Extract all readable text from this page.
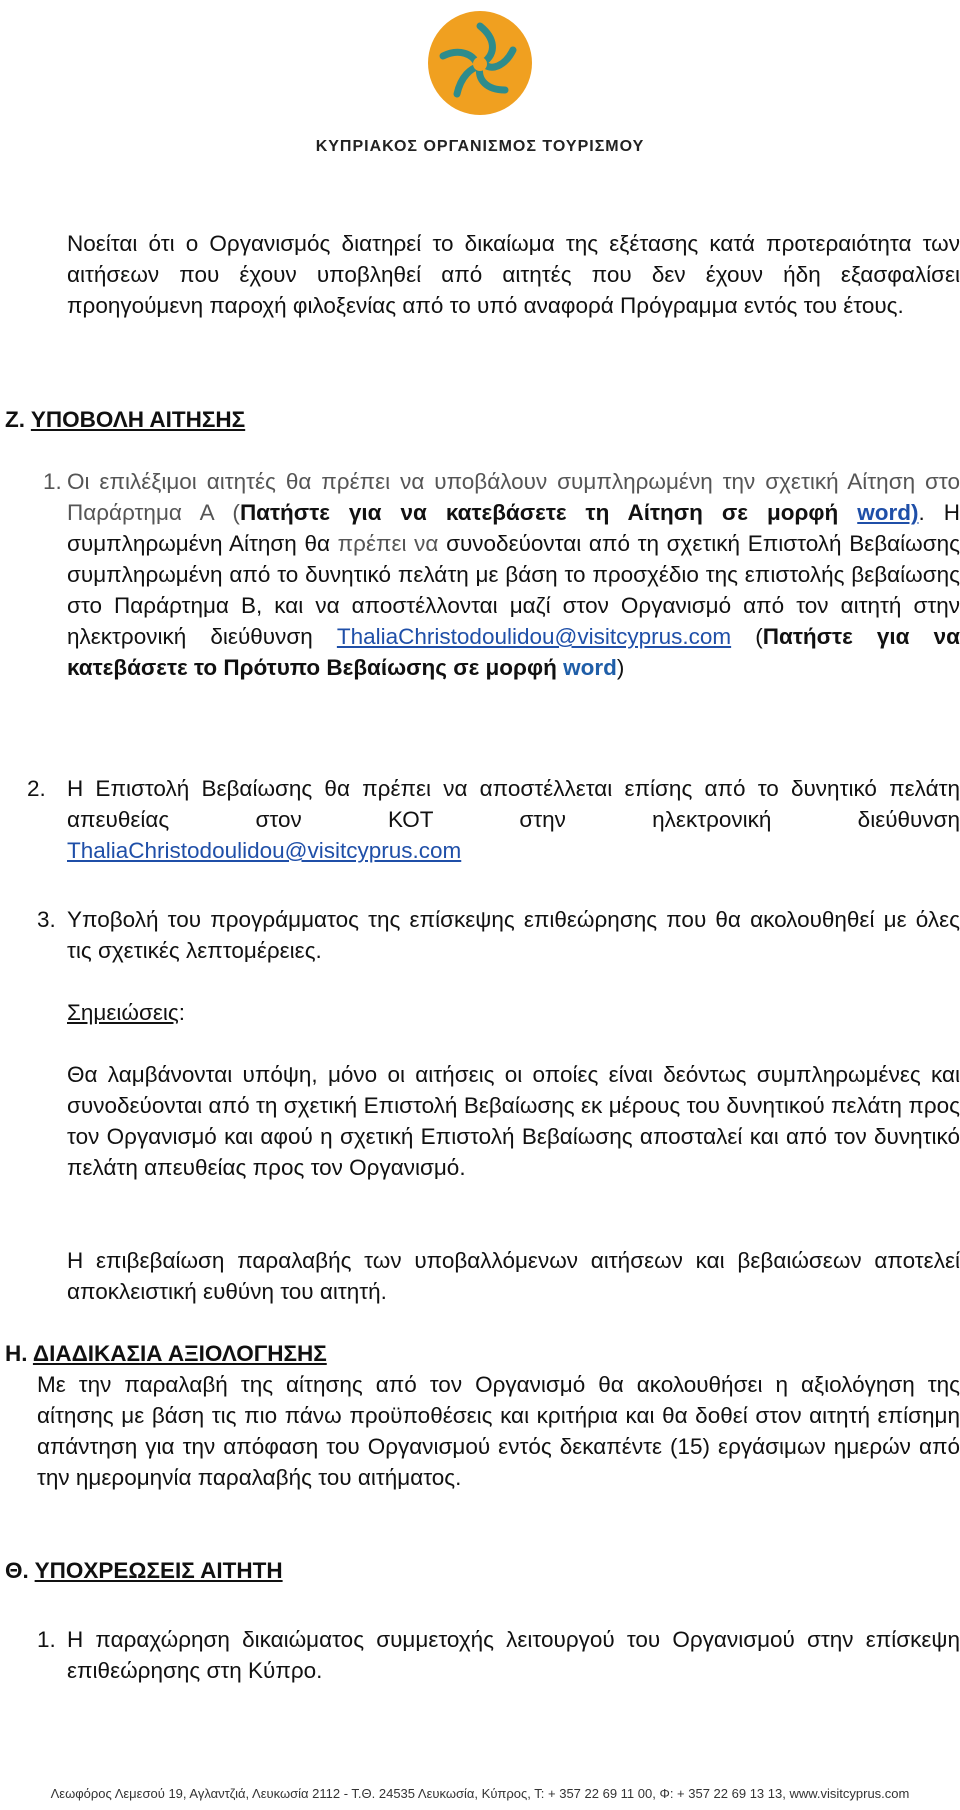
ΚΥΠΡΙΑΚΟΣ ΟΡΓΑΝΙΣΜΟΣ ΤΟΥΡΙΣΜΟΥ

Νοείται ότι ο Οργανισμός διατηρεί το δικαίωμα της εξέτασης κατά προτεραιότητα των αιτήσεων που έχουν υποβληθεί από αιτητές που δεν έχουν ήδη εξασφαλίσει προηγούμενη παροχή φιλοξενίας από το υπό αναφορά Πρόγραμμα εντός του έτους.

Ζ. ΥΠΟΒΟΛΗ ΑΙΤΗΣΗΣ
1. Οι επιλέξιμοι αιτητές θα πρέπει να υποβάλουν συμπληρωμένη την σχετική Αίτηση στο Παράρτημα Α (Πατήστε για να κατεβάσετε τη Αίτηση σε μορφή word). Η συμπληρωμένη Αίτηση θα πρέπει να συνοδεύονται από τη σχετική Επιστολή Βεβαίωσης συμπληρωμένη από το δυνητικό πελάτη με βάση το προσχέδιο της επιστολής βεβαίωσης στο Παράρτημα Β, και να αποστέλλονται μαζί στον Οργανισμό από τον αιτητή στην ηλεκτρονική διεύθυνση ThaliaChristodoulidou@visitcyprus.com (Πατήστε για να κατεβάσετε το Πρότυπο Βεβαίωσης σε μορφή word)

2. Η Επιστολή Βεβαίωσης θα πρέπει να αποστέλλεται επίσης από το δυνητικό πελάτη απευθείας στον ΚΟΤ στην ηλεκτρονική διεύθυνση ThaliaChristodoulidou@visitcyprus.com

3. Υποβολή του προγράμματος της επίσκεψης επιθεώρησης που θα ακολουθηθεί με όλες τις σχετικές λεπτομέρειες.

Σημειώσεις:

Θα λαμβάνονται υπόψη, μόνο οι αιτήσεις οι οποίες είναι δεόντως συμπληρωμένες και συνοδεύονται από τη σχετική Επιστολή Βεβαίωσης εκ μέρους του δυνητικού πελάτη προς τον Οργανισμό και αφού η σχετική Επιστολή Βεβαίωσης αποσταλεί και από τον δυνητικό πελάτη απευθείας προς τον Οργανισμό.

Η επιβεβαίωση παραλαβής των υποβαλλόμενων αιτήσεων και βεβαιώσεων αποτελεί αποκλειστική ευθύνη του αιτητή.

Η. ΔΙΑΔΙΚΑΣΙΑ ΑΞΙΟΛΟΓΗΣΗΣ

Με την παραλαβή της αίτησης από τον Οργανισμό θα ακολουθήσει η αξιολόγηση της αίτησης με βάση τις πιο πάνω προϋποθέσεις και κριτήρια και θα δοθεί στον αιτητή επίσημη απάντηση για την απόφαση του Οργανισμού εντός δεκαπέντε (15) εργάσιμων ημερών από την ημερομηνία παραλαβής του αιτήματος.

Θ. ΥΠΟΧΡΕΩΣΕΙΣ ΑΙΤΗΤΗ
1. Η παραχώρηση δικαιώματος συμμετοχής λειτουργού του Οργανισμού στην επίσκεψη επιθεώρησης στη Κύπρο.

Λεωφόρος Λεμεσού 19, Αγλαντζιά, Λευκωσία 2112 - Τ.Θ. 24535 Λευκωσία, Κύπρος, Τ: + 357 22 69 11 00, Φ: + 357 22 69 13 13, www.visitcyprus.com
